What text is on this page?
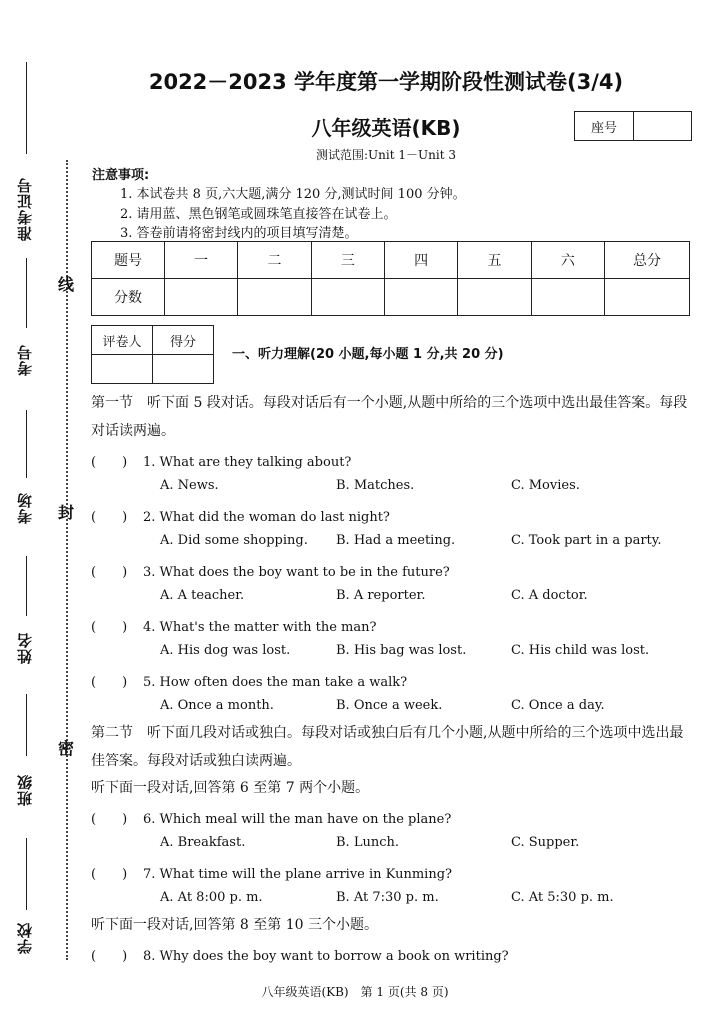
准考证号
考号
考场
姓名
班级
学校
线
封
密
2022－2023 学年度第一学期阶段性测试卷(3/4)
八年级英语(KB)	座号
测试范围:Unit 1－Unit 3
注意事项:
1. 本试卷共 8 页,六大题,满分 120 分,测试时间 100 分钟。
2. 请用蓝、黑色钢笔或圆珠笔直接答在试卷上。
3. 答卷前请将密封线内的项目填写清楚。
题号	一	二	三	四	五	六	总分
分数							
评卷人	得分

一、听力理解(20 小题,每小题 1 分,共 20 分)
第一节　听下面 5 段对话。每段对话后有一个小题,从题中所给的三个选项中选出最佳答案。每段对话读两遍。
(　　) 1. What are they talking about?
A. News.	B. Matches.	C. Movies.
(　　) 2. What did the woman do last night?
A. Did some shopping. B. Had a meeting.	C. Took part in a party.
(　　) 3. What does the boy want to be in the future?
A. A teacher.	B. A reporter.	C. A doctor.
(　　) 4. What's the matter with the man?
A. His dog was lost.	B. His bag was lost.	C. His child was lost.
(　　) 5. How often does the man take a walk?
A. Once a month.	B. Once a week.	C. Once a day.
第二节　听下面几段对话或独白。每段对话或独白后有几个小题,从题中所给的三个选项中选出最佳答案。每段对话或独白读两遍。
听下面一段对话,回答第 6 至第 7 两个小题。
(　　) 6. Which meal will the man have on the plane?
A. Breakfast.	B. Lunch.	C. Supper.
(　　) 7. What time will the plane arrive in Kunming?
A. At 8:00 p. m.	B. At 7:30 p. m.	C. At 5:30 p. m.
听下面一段对话,回答第 8 至第 10 三个小题。
(　　) 8. Why does the boy want to borrow a book on writing?
八年级英语(KB)　第 1 页(共 8 页)
